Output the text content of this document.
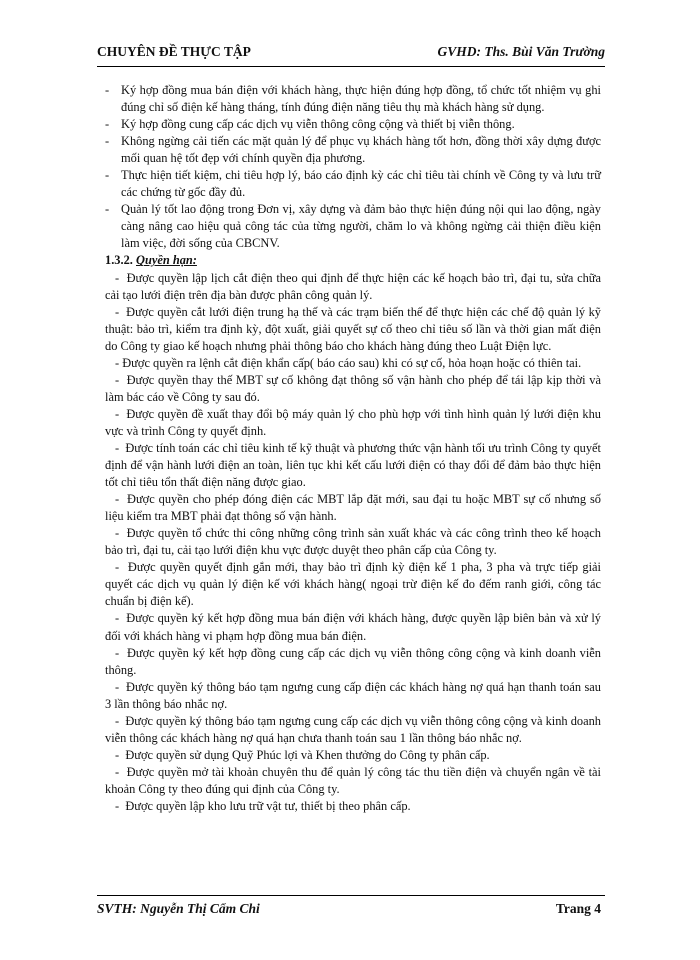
CHUYÊN ĐỀ THỰC TẬP	GVHD: Ths. Bùi Văn Trường

- Ký hợp đồng mua bán điện với khách hàng, thực hiện đúng hợp đồng, tổ chức tốt nhiệm vụ ghi đúng chỉ số điện kế hàng tháng, tính đúng điện năng tiêu thụ mà khách hàng sử dụng.

- Ký hợp đồng cung cấp các dịch vụ viễn thông công cộng và thiết bị viễn thông.

- Không ngừng cải tiến các mặt quản lý để phục vụ khách hàng tốt hơn, đồng thời xây dựng được mối quan hệ tốt đẹp với chính quyền địa phương.

- Thực hiện tiết kiệm, chi tiêu hợp lý, báo cáo định kỳ các chỉ tiêu tài chính về Công ty và lưu trữ các chứng từ gốc đầy đủ.

- Quản lý tốt lao động trong Đơn vị, xây dựng và đảm bảo thực hiện đúng nội qui lao động, ngày càng nâng cao hiệu quả công tác của từng người, chăm lo và không ngừng cải thiện điều kiện làm việc, đời sống của CBCNV.

1.3.2. Quyền hạn:

-  Được quyền lập lịch cắt điện theo qui định để thực hiện các kế hoạch bảo trì, đại tu, sửa chữa cải tạo lưới điện trên địa bàn được phân công quản lý.

-  Được quyền cắt lưới điện trung hạ thế và các trạm biến thế để thực hiện các chế độ quản lý kỹ thuật: bảo trì, kiểm tra định kỳ, đột xuất, giải quyết sự cố theo chỉ tiêu số lần và thời gian mất điện do Công ty giao kế hoạch nhưng phải thông báo cho khách hàng đúng theo Luật Điện lực.

- Được quyền ra lệnh cắt điện khẩn cấp( báo cáo sau) khi có sự cố, hỏa hoạn hoặc có thiên tai.

-  Được quyền thay thế MBT sự cố không đạt thông số vận hành cho phép để tái lập kịp thời và làm bác cáo về Công ty sau đó.

-  Được quyền đề xuất thay đổi bộ máy quản lý cho phù hợp với tình hình quản lý lưới điện khu vực và trình Công ty quyết định.

-  Được tính toán các chỉ tiêu kinh tế kỹ thuật và phương thức vận hành tối ưu trình Công ty quyết định để vận hành lưới điện an toàn, liên tục khi kết cấu lưới điện có thay đổi để đảm bảo thực hiện tốt chỉ tiêu tổn thất điện năng được giao.

-  Được quyền cho phép đóng điện các MBT lắp đặt mới, sau đại tu hoặc MBT sự cố nhưng số liệu kiểm tra MBT phải đạt thông số vận hành.

-  Được quyền tổ chức thi công những công trình sản xuất khác và các công trình theo kế hoạch bảo trì, đại tu, cải tạo lưới điện khu vực được duyệt theo phân cấp của Công ty.

-  Được quyền quyết định gắn mới, thay bảo trì định kỳ điện kế 1 pha, 3 pha và trực tiếp giải quyết các dịch vụ quản lý điện kế với khách hàng( ngoại trừ điện kế đo đếm ranh giới, công tác chuẩn bị điện kế).

-  Được quyền ký kết hợp đồng mua bán điện với khách hàng, được quyền lập biên bản và xử lý đối với khách hàng vi phạm hợp đồng mua bán điện.

-  Được quyền ký kết hợp đồng cung cấp các dịch vụ viễn thông công cộng và kinh doanh viễn thông.

-  Được quyền ký thông báo tạm ngưng cung cấp điện các khách hàng nợ quá hạn thanh toán sau 3 lần thông báo nhắc nợ.

-  Được quyền ký thông báo tạm ngưng cung cấp các dịch vụ viễn thông công cộng và kinh doanh viễn thông các khách hàng nợ quá hạn chưa thanh toán sau 1 lần thông báo nhắc nợ.

-  Được quyền sử dụng Quỹ Phúc lợi và Khen thưởng do Công ty phân cấp.

-  Được quyền mở tài khoản chuyên thu để quản lý công tác thu tiền điện và chuyển ngân về tài khoản Công ty theo đúng qui định của Công ty.

-  Được quyền lập kho lưu trữ vật tư, thiết bị theo phân cấp.

SVTH: Nguyễn Thị Cẩm Chi	Trang 4
